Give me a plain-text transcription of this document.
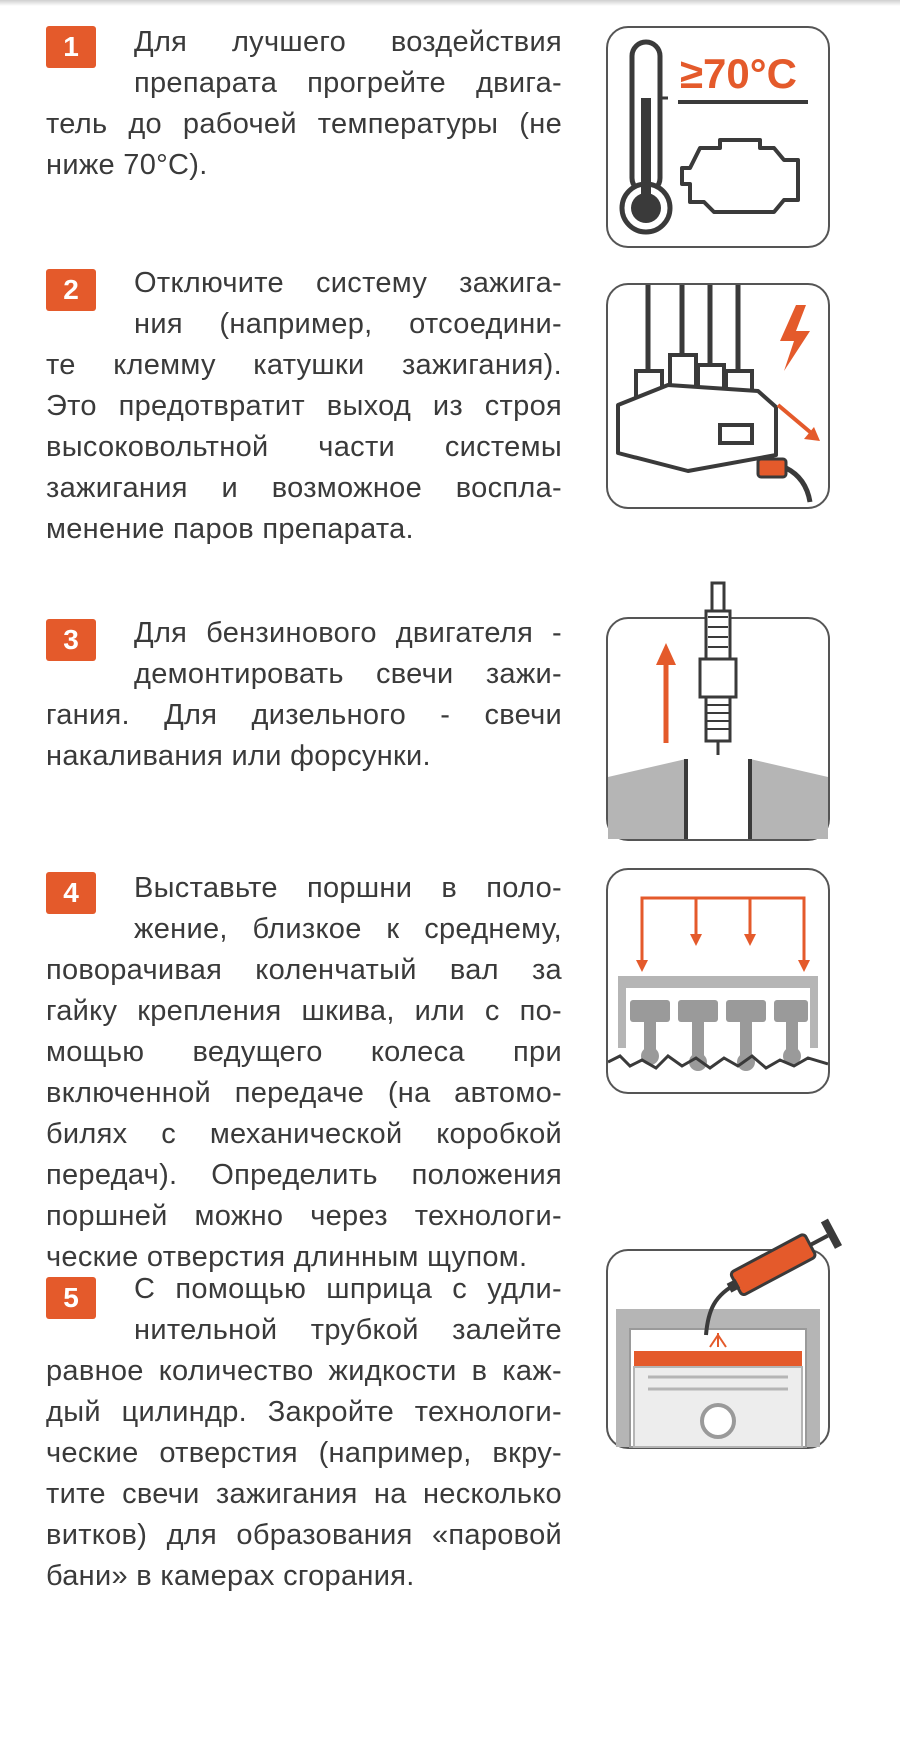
1	Для лучшего воздействия

препарата прогрейте двига-

тель до рабочей температуры (не

ниже 70°С).

≥70°C
2	Отключите систему зажига-

ния (например, отсоедини-

те клемму катушки зажигания).

Это предотвратит выход из строя

высоковольтной части системы

зажигания и возможное воспла-

менение паров препарата.

3	Для бензинового двигателя -

демонтировать свечи зажи-

гания. Для дизельного - свечи

накаливания или форсунки.

4	Выставьте поршни в поло-

жение, близкое к среднему,

поворачивая коленчатый вал за

гайку крепления шкива, или с по-

мощью ведущего колеса при

включенной передаче (на автомо-

билях с механической коробкой

передач). Определить положения

поршней можно через технологи-

ческие отверстия длинным щупом.

5	С помощью шприца с удли-

нительной трубкой залейте

равное количество жидкости в каж-

дый цилиндр. Закройте технологи-

ческие отверстия (например, вкру-

тите свечи зажигания на несколько

витков) для образования «паровой

бани» в камерах сгорания.
